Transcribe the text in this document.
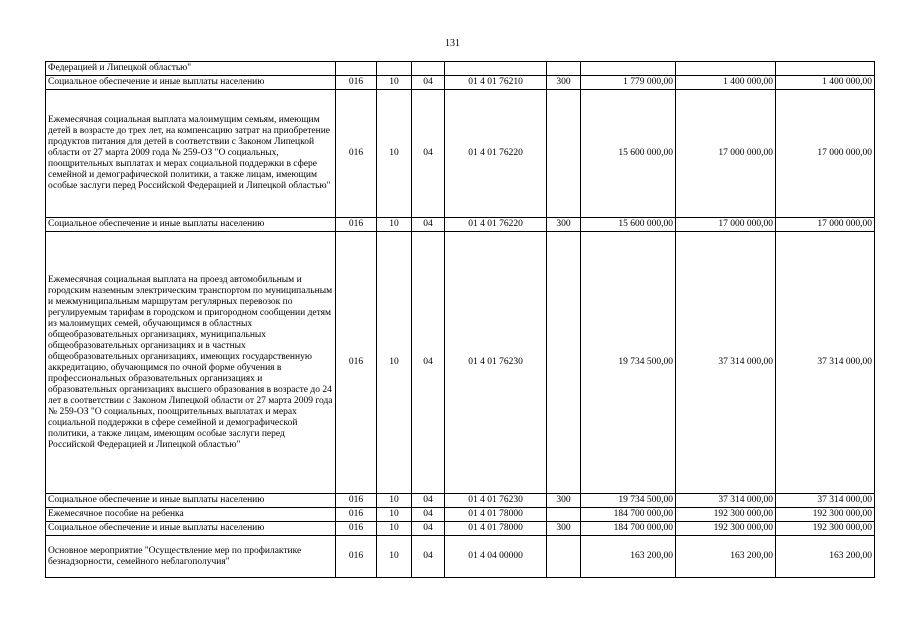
131
Федерацией и Липецкой областью"								
Социальное обеспечение и иные выплаты населению	016	10	04	01 4 01 76210	300	1 779 000,00	1 400 000,00	1 400 000,00
Ежемесячная социальная выплата малоимущим семьям, имеющим детей в возрасте до трех лет, на компенсацию затрат на приобретение продуктов питания для детей в соответствии с Законом Липецкой области от 27 марта 2009 года № 259-ОЗ "О социальных, поощрительных выплатах и мерах социальной поддержки в сфере семейной и демографической политики, а также лицам, имеющим особые заслуги перед Российской Федерацией и Липецкой областью"	016	10	04	01 4 01 76220		15 600 000,00	17 000 000,00	17 000 000,00
Социальное обеспечение и иные выплаты населению	016	10	04	01 4 01 76220	300	15 600 000,00	17 000 000,00	17 000 000,00
Ежемесячная социальная выплата на проезд автомобильным и городским наземным электрическим транспортом по муниципальным и межмуниципальным маршрутам регулярных перевозок по регулируемым тарифам в городском и пригородном сообщении детям из малоимущих семей, обучающимся в областных общеобразовательных организациях, муниципальных общеобразовательных организациях и в частных общеобразовательных организациях, имеющих государственную аккредитацию, обучающимся по очной форме обучения в профессиональных образовательных организациях и образовательных организациях высшего образования в возрасте до 24 лет в соответствии с Законом Липецкой области от 27 марта 2009 года № 259-ОЗ "О социальных, поощрительных выплатах и мерах социальной поддержки в сфере семейной и демографической политики, а также лицам, имеющим особые заслуги перед Российской Федерацией и Липецкой областью"	016	10	04	01 4 01 76230		19 734 500,00	37 314 000,00	37 314 000,00
Социальное обеспечение и иные выплаты населению	016	10	04	01 4 01 76230	300	19 734 500,00	37 314 000,00	37 314 000,00
Ежемесячное пособие на ребенка	016	10	04	01 4 01 78000		184 700 000,00	192 300 000,00	192 300 000,00
Социальное обеспечение и иные выплаты населению	016	10	04	01 4 01 78000	300	184 700 000,00	192 300 000,00	192 300 000,00
Основное мероприятие "Осуществление мер по профилактике безнадзорности, семейного неблагополучия"	016	10	04	01 4 04 00000		163 200,00	163 200,00	163 200,00
